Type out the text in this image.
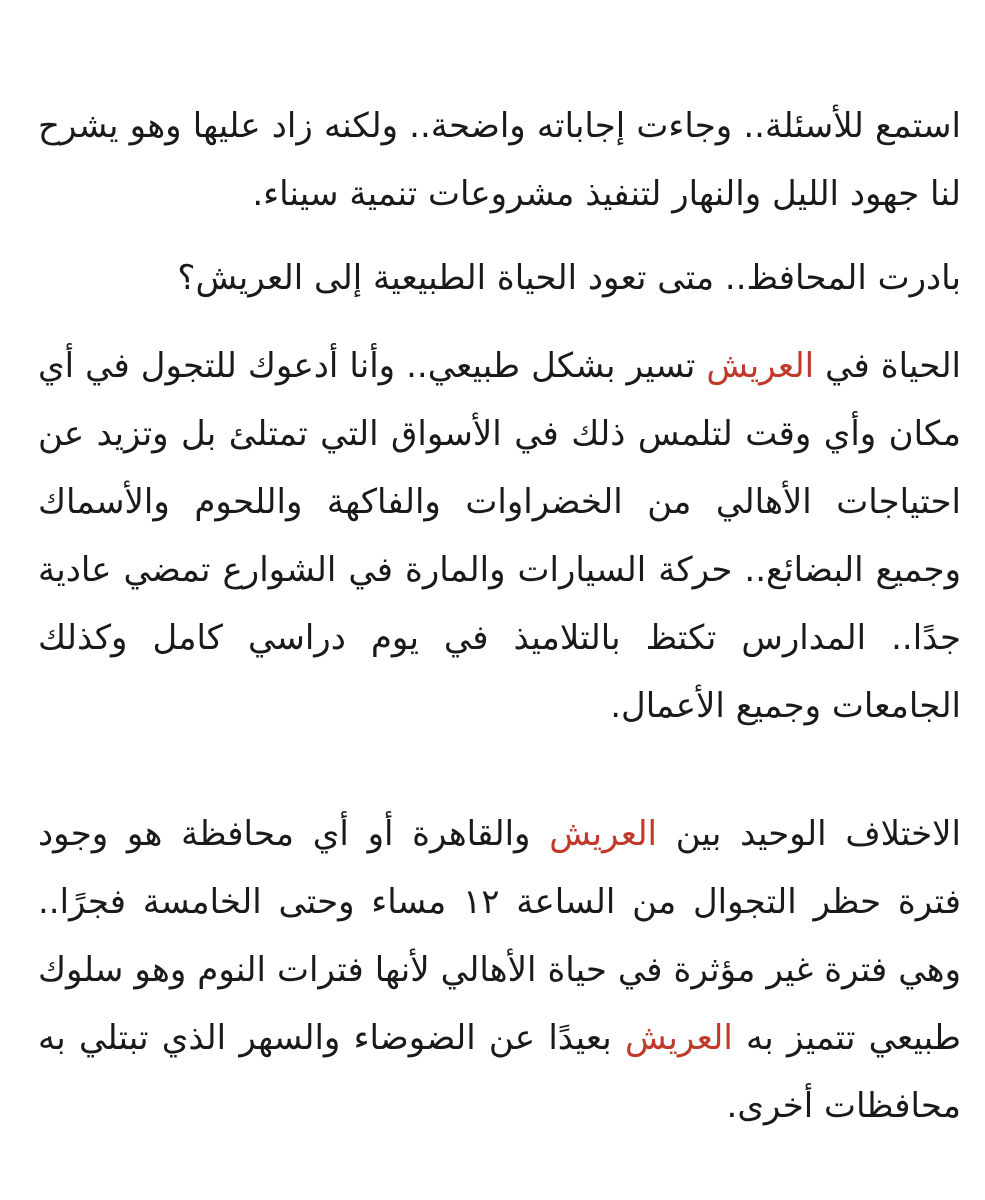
استمع للأسئلة.. وجاءت إجاباته واضحة.. ولكنه زاد عليها وهو يشرح لنا جهود الليل والنهار لتنفيذ مشروعات تنمية سيناء.

بادرت المحافظ.. متى تعود الحياة الطبيعية إلى العريش؟

الحياة في العريش تسير بشكل طبيعي.. وأنا أدعوك للتجول في أي مكان وأي وقت لتلمس ذلك في الأسواق التي تمتلئ بل وتزيد عن احتياجات الأهالي من الخضراوات والفاكهة واللحوم والأسماك وجميع البضائع.. حركة السيارات والمارة في الشوارع تمضي عادية جدًا.. المدارس تكتظ بالتلاميذ في يوم دراسي كامل وكذلك الجامعات وجميع الأعمال.

الاختلاف الوحيد بين العريش والقاهرة أو أي محافظة هو وجود فترة حظر التجوال من الساعة ١٢ مساء وحتى الخامسة فجرًا.. وهي فترة غير مؤثرة في حياة الأهالي لأنها فترات النوم وهو سلوك طبيعي تتميز به العريش بعيدًا عن الضوضاء والسهر الذي تبتلي به محافظات أخرى.
